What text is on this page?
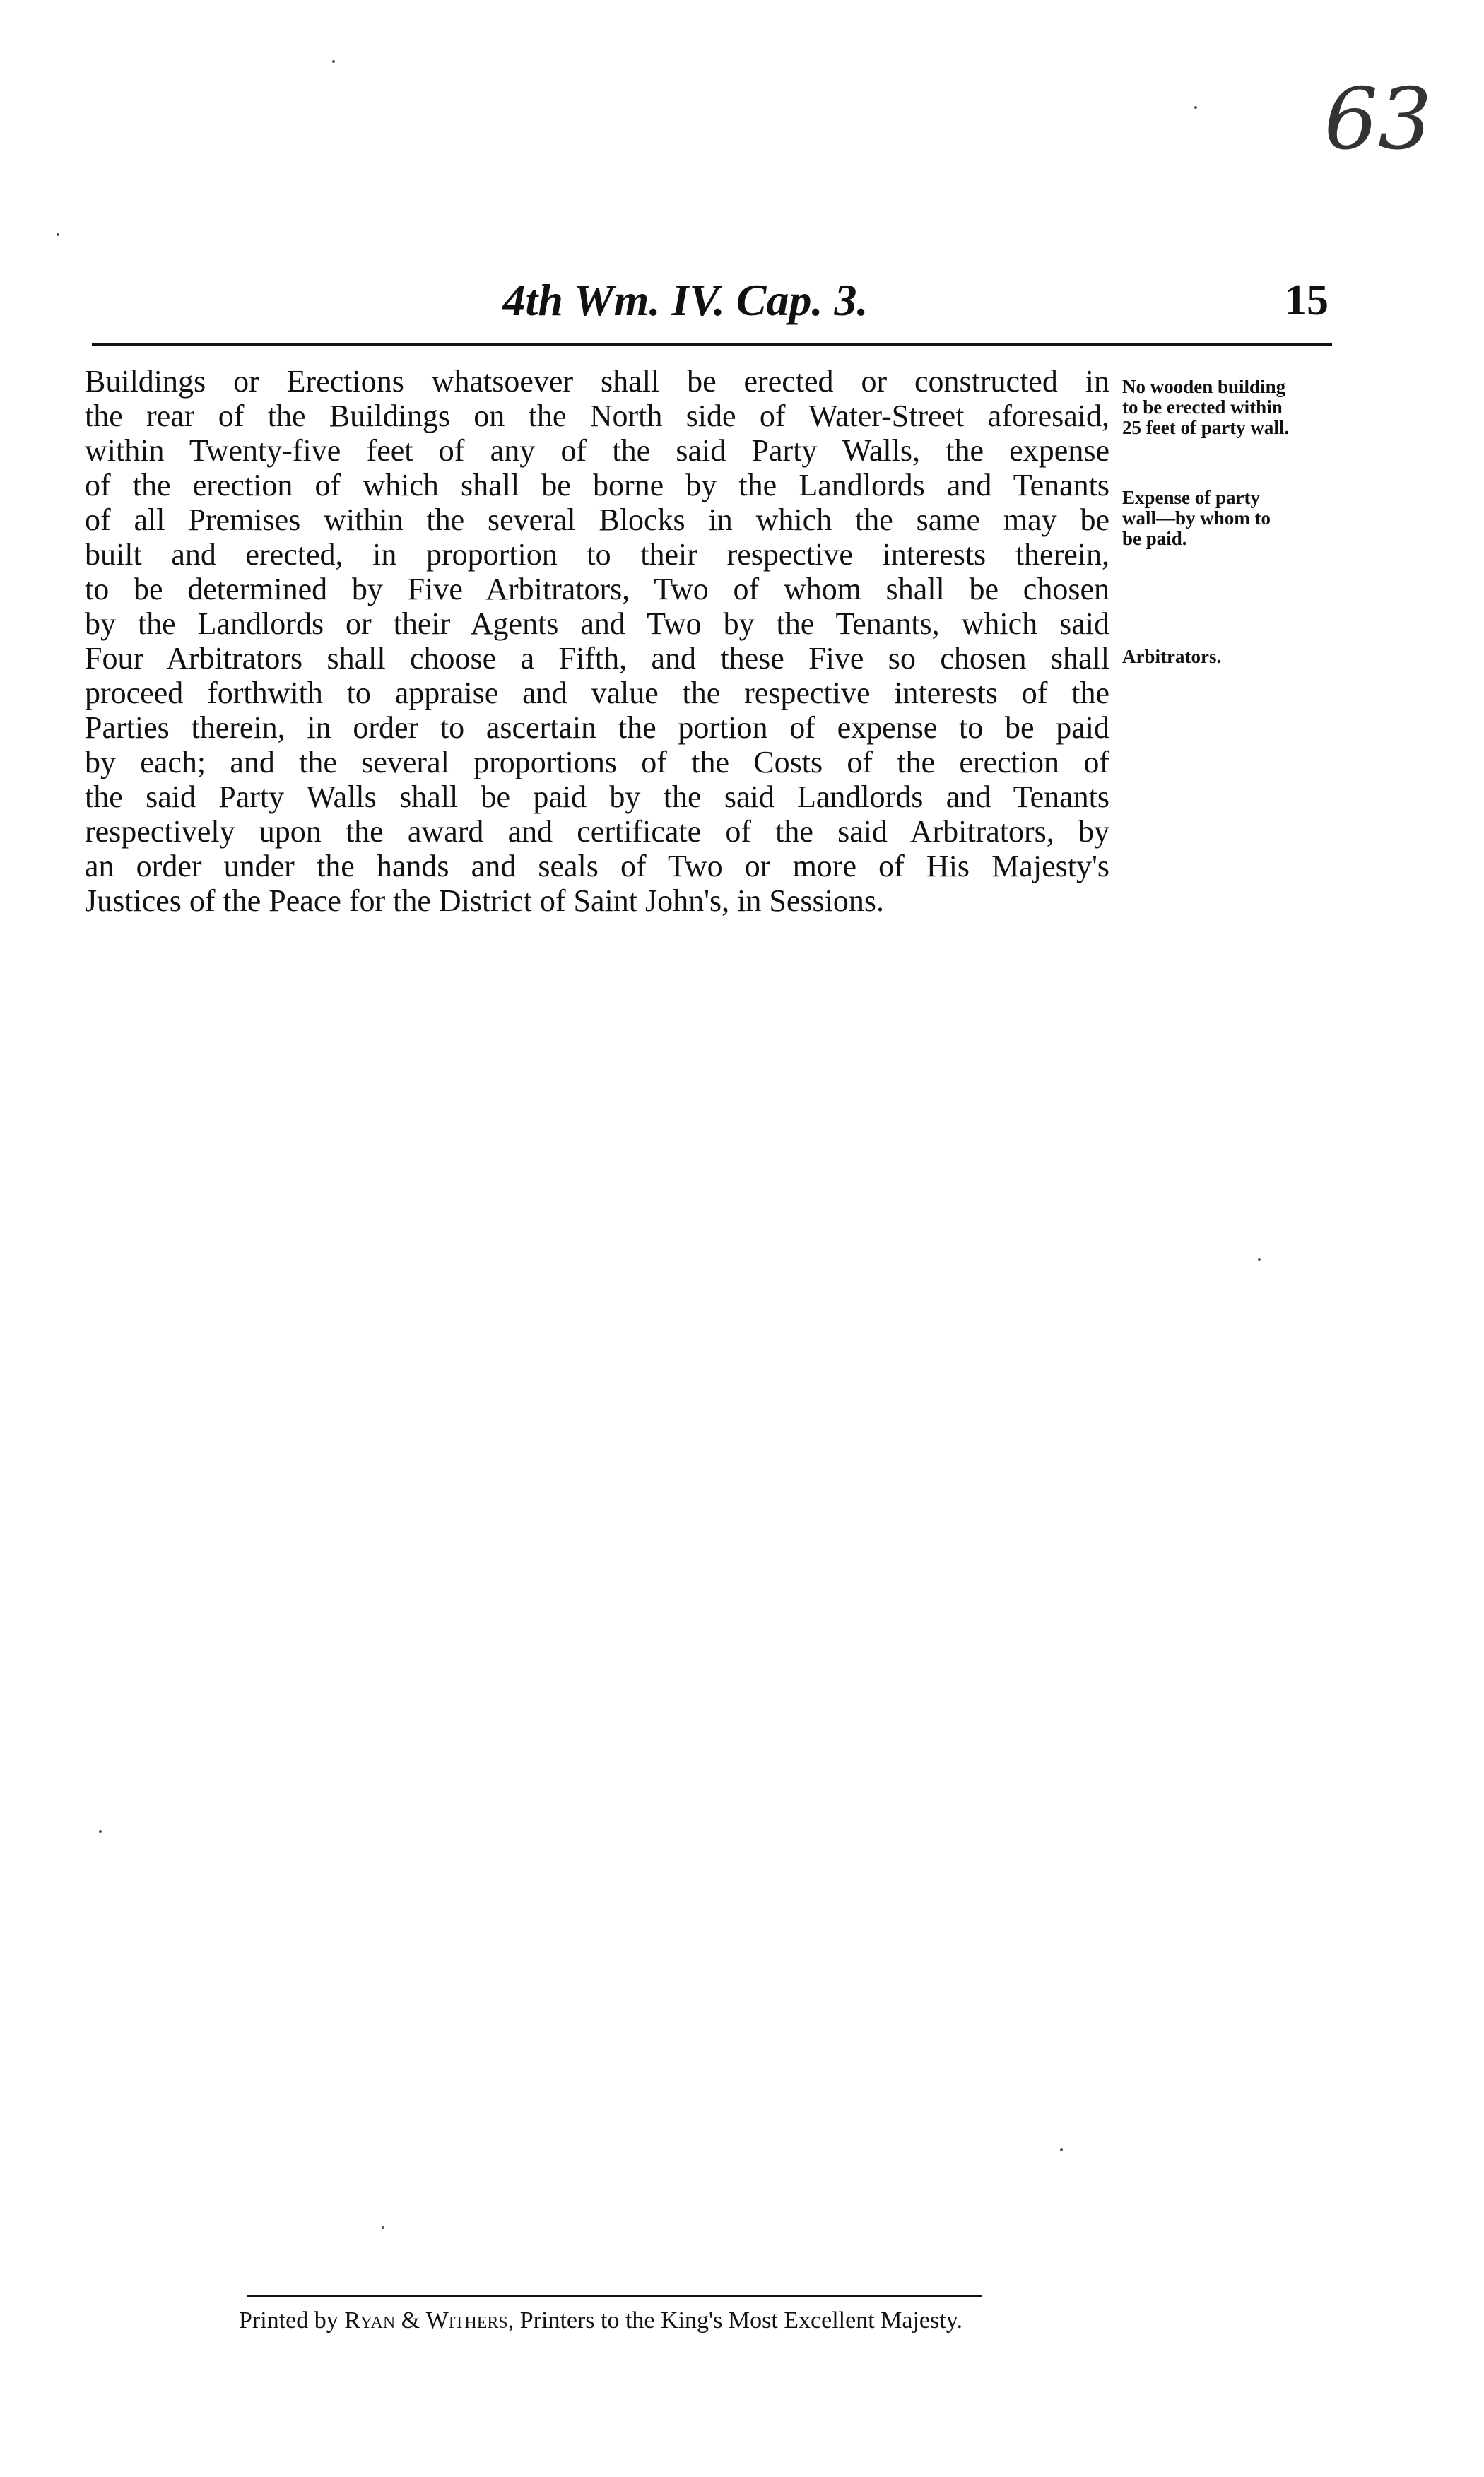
63
4th Wm. IV. Cap. 3.	15
Buildings or Erections whatsoever shall be erected or constructed in
the rear of the Buildings on the North side of Water-Street aforesaid,
within Twenty-five feet of any of the said Party Walls, the expense
of the erection of which shall be borne by the Landlords and Tenants
of all Premises within the several Blocks in which the same may be
built and erected, in proportion to their respective interests therein,
to be determined by Five Arbitrators, Two of whom shall be chosen
by the Landlords or their Agents and Two by the Tenants, which said
Four Arbitrators shall choose a Fifth, and these Five so chosen shall
proceed forthwith to appraise and value the respective interests of the
Parties therein, in order to ascertain the portion of expense to be paid
by each; and the several proportions of the Costs of the erection of
the said Party Walls shall be paid by the said Landlords and Tenants
respectively upon the award and certificate of the said Arbitrators, by
an order under the hands and seals of Two or more of His Majesty's
Justices of the Peace for the District of Saint John's, in Sessions.
No wooden building
to be erected within
25 feet of party wall.
Expense of party
wall—by whom to
be paid.
Arbitrators.
Printed by Ryan & Withers, Printers to the King's Most Excellent Majesty.
